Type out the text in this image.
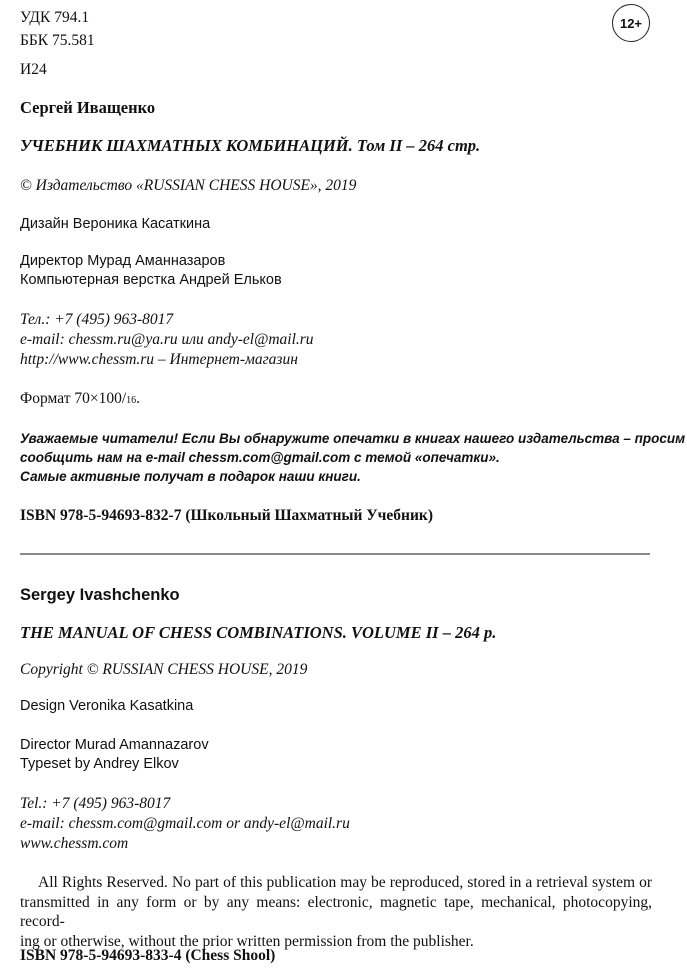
УДК 794.1
ББК 75.581
И24
12+
Сергей Иващенко
УЧЕБНИК ШАХМАТНЫХ КОМБИНАЦИЙ. Том II – 264 стр.
© Издательство «RUSSIAN CHESS HOUSE», 2019
Дизайн Вероника Касаткина
Директор Мурад Аманназаров
Компьютерная верстка Андрей Ельков
Тел.: +7 (495) 963-8017
e-mail: chessm.ru@ya.ru или andy-el@mail.ru
http://www.chessm.ru – Интернет-магазин
Формат 70×100/16.
Уважаемые читатели! Если Вы обнаружите опечатки в книгах нашего издательства – просим
сообщить нам на e-mail chessm.com@gmail.com с темой «опечатки».
Самые активные получат в подарок наши книги.
ISBN 978-5-94693-832-7 (Школьный Шахматный Учебник)
Sergey Ivashchenko
THE MANUAL OF CHESS COMBINATIONS. VOLUME II – 264 p.
Copyright © RUSSIAN CHESS HOUSE, 2019
Design Veronika Kasatkina
Director Murad Amannazarov
Typeset by Andrey Elkov
Tel.: +7 (495) 963-8017
e-mail: chessm.com@gmail.com or andy-el@mail.ru
www.chessm.com
All Rights Reserved. No part of this publication may be reproduced, stored in a retrieval system or
transmitted in any form or by any means: electronic, magnetic tape, mechanical, photocopying, record-
ing or otherwise, without the prior written permission from the publisher.
ISBN 978-5-94693-833-4 (Chess Shool)
